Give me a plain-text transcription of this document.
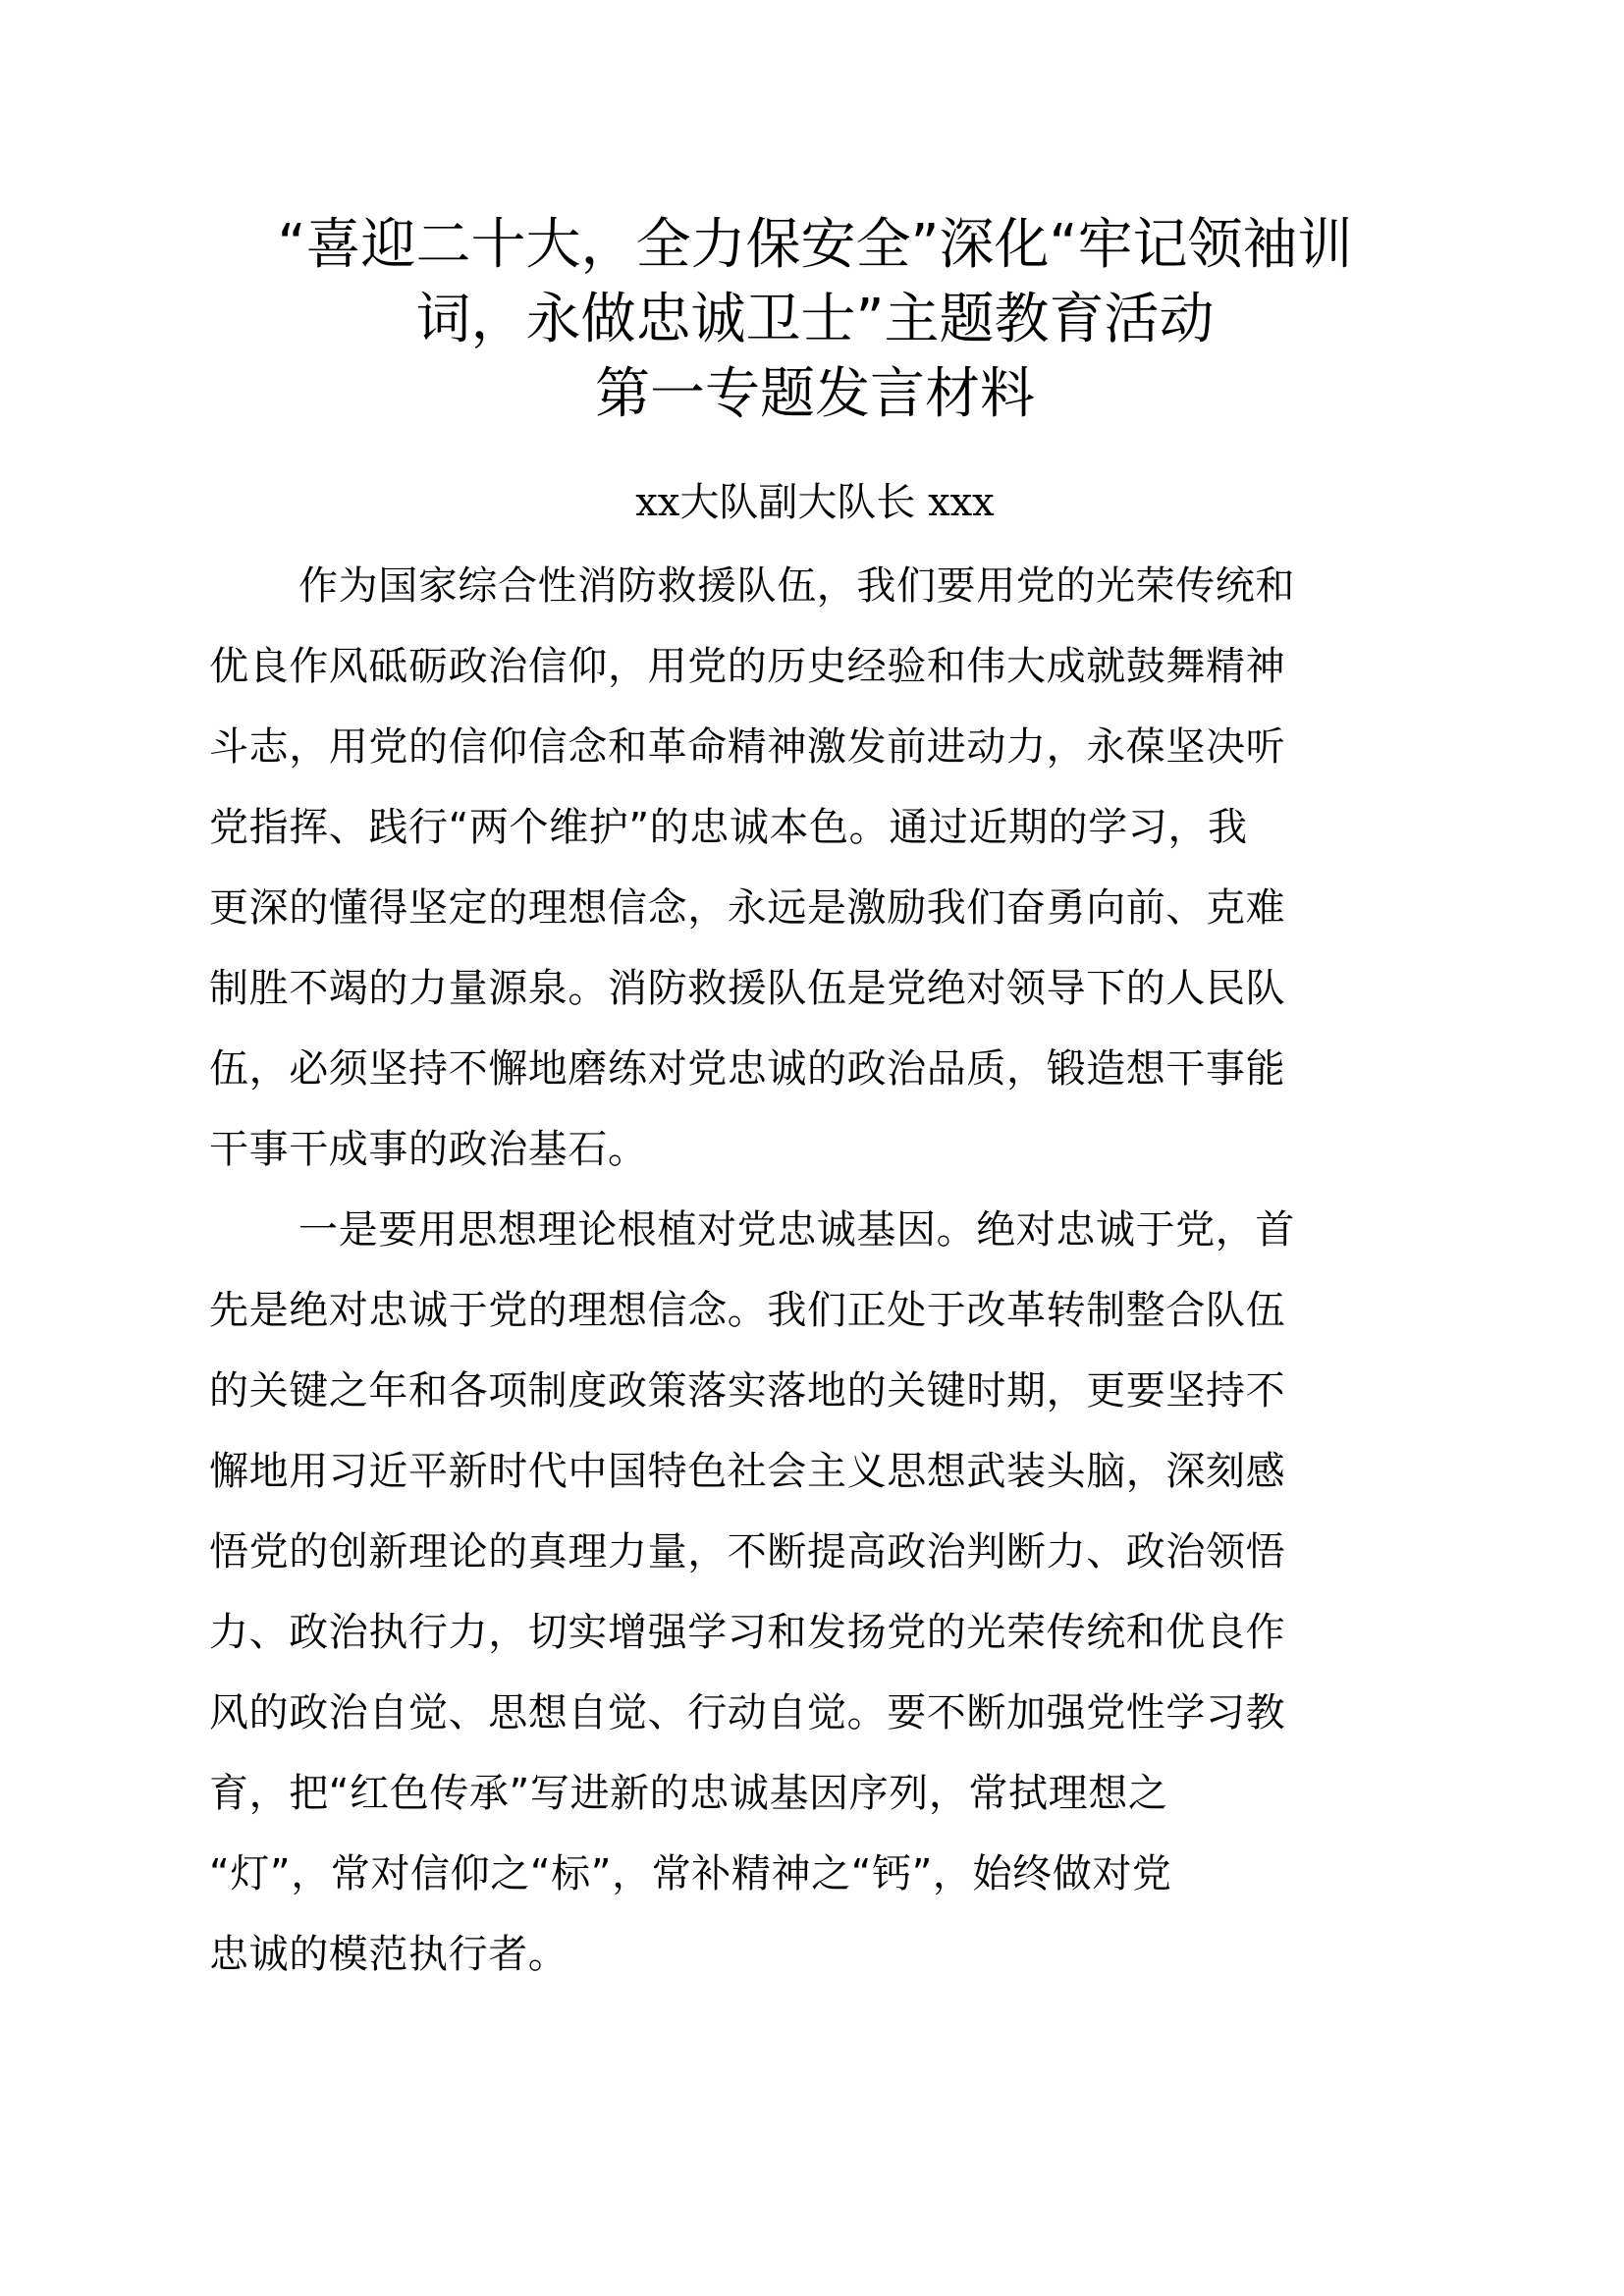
“喜迎二十大，全力保安全”深化“牢记领袖训
词，永做忠诚卫士”主题教育活动
第一专题发言材料
xx大队副大队长 xxx
作为国家综合性消防救援队伍，我们要用党的光荣传统和
优良作风砥砺政治信仰，用党的历史经验和伟大成就鼓舞精神
斗志，用党的信仰信念和革命精神激发前进动力，永葆坚决听
党指挥、践行“两个维护”的忠诚本色。通过近期的学习，我
更深的懂得坚定的理想信念，永远是激励我们奋勇向前、克难
制胜不竭的力量源泉。消防救援队伍是党绝对领导下的人民队
伍，必须坚持不懈地磨练对党忠诚的政治品质，锻造想干事能
干事干成事的政治基石。
一是要用思想理论根植对党忠诚基因。绝对忠诚于党，首
先是绝对忠诚于党的理想信念。我们正处于改革转制整合队伍
的关键之年和各项制度政策落实落地的关键时期，更要坚持不
懈地用习近平新时代中国特色社会主义思想武装头脑，深刻感
悟党的创新理论的真理力量，不断提高政治判断力、政治领悟
力、政治执行力，切实增强学习和发扬党的光荣传统和优良作
风的政治自觉、思想自觉、行动自觉。要不断加强党性学习教
育，把“红色传承”写进新的忠诚基因序列，常拭理想之
“灯”，常对信仰之“标”，常补精神之“钙”，始终做对党
忠诚的模范执行者。
